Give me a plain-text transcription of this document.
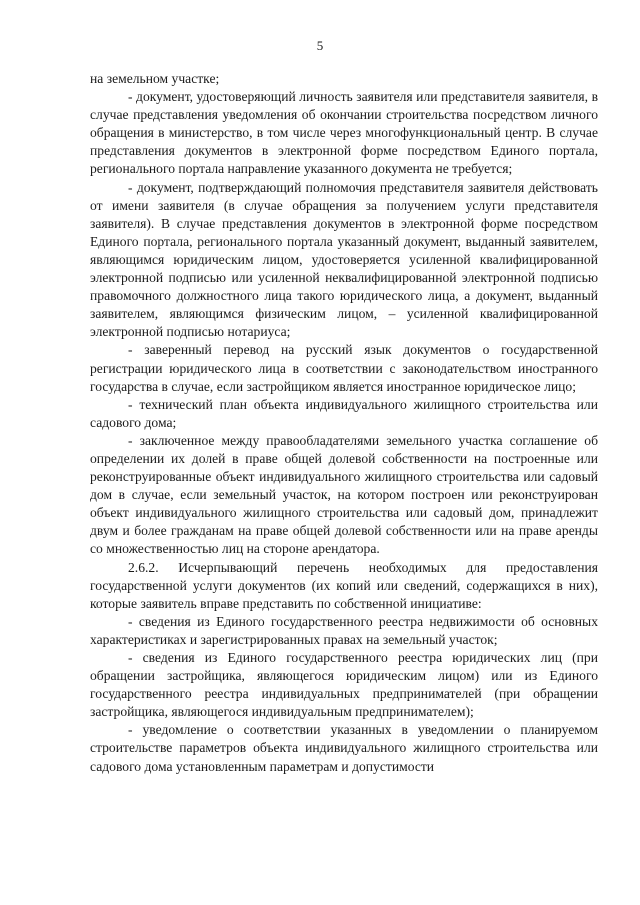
5

на земельном участке;

- документ, удостоверяющий личность заявителя или представителя заявителя, в случае представления уведомления об окончании строительства посредством личного обращения в министерство, в том числе через многофункциональный центр. В случае представления документов в электронной форме посредством Единого портала, регионального портала направление указанного документа не требуется;

- документ, подтверждающий полномочия представителя заявителя действовать от имени заявителя (в случае обращения за получением услуги представителя заявителя). В случае представления документов в электронной форме посредством Единого портала, регионального портала указанный документ, выданный заявителем, являющимся юридическим лицом, удостоверяется усиленной квалифицированной электронной подписью или усиленной неквалифицированной электронной подписью правомочного должностного лица такого юридического лица, а документ, выданный заявителем, являющимся физическим лицом, – усиленной квалифицированной электронной подписью нотариуса;

- заверенный перевод на русский язык документов о государственной регистрации юридического лица в соответствии с законодательством иностранного государства в случае, если застройщиком является иностранное юридическое лицо;

- технический план объекта индивидуального жилищного строительства или садового дома;

- заключенное между правообладателями земельного участка соглашение об определении их долей в праве общей долевой собственности на построенные или реконструированные объект индивидуального жилищного строительства или садовый дом в случае, если земельный участок, на котором построен или реконструирован объект индивидуального жилищного строительства или садовый дом, принадлежит двум и более гражданам на праве общей долевой собственности или на праве аренды со множественностью лиц на стороне арендатора.

2.6.2. Исчерпывающий перечень необходимых для предоставления государственной услуги документов (их копий или сведений, содержащихся в них), которые заявитель вправе представить по собственной инициативе:

- сведения из Единого государственного реестра недвижимости об основных характеристиках и зарегистрированных правах на земельный участок;

- сведения из Единого государственного реестра юридических лиц (при обращении застройщика, являющегося юридическим лицом) или из Единого государственного реестра индивидуальных предпринимателей (при обращении застройщика, являющегося индивидуальным предпринимателем);

- уведомление о соответствии указанных в уведомлении о планируемом строительстве параметров объекта индивидуального жилищного строительства или садового дома установленным параметрам и допустимости
